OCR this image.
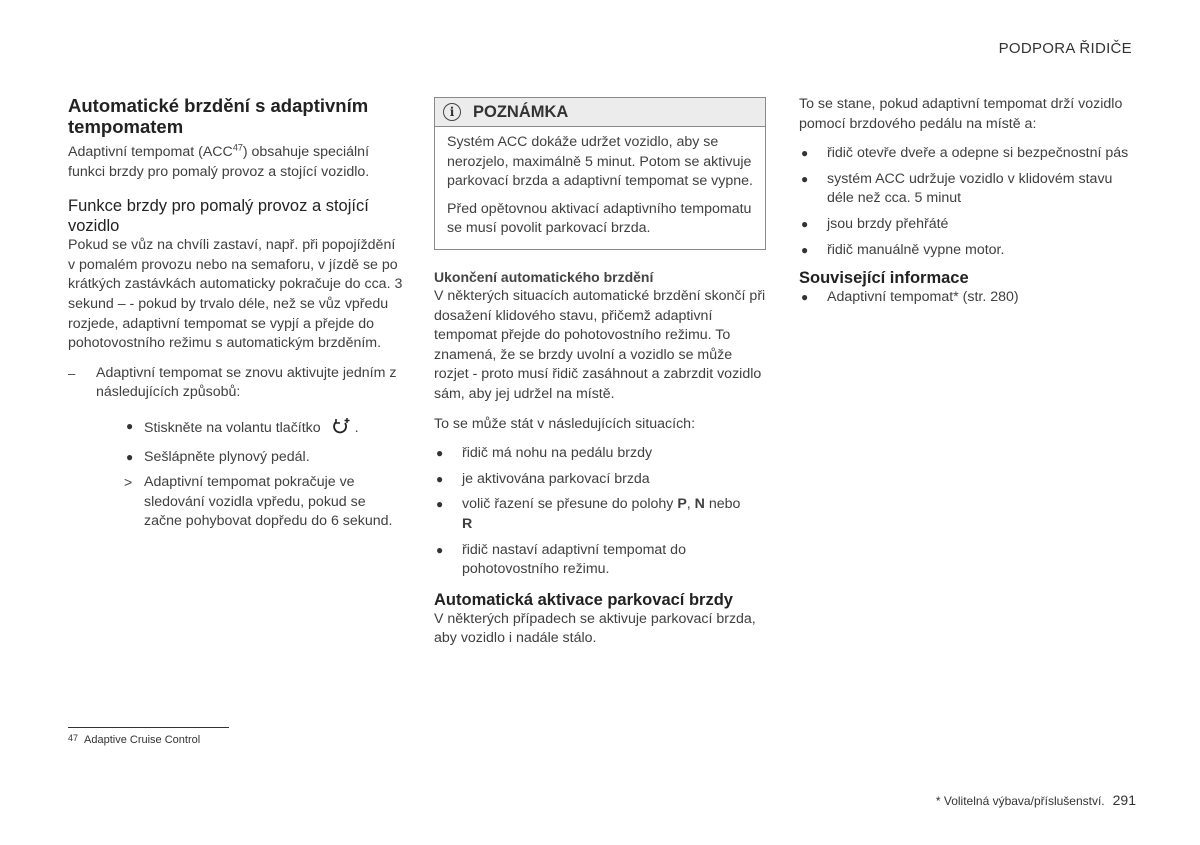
PODPORA ŘIDIČE
Automatické brzdění s adaptivním tempomatem

Adaptivní tempomat (ACC$^{47}$) obsahuje speciální funkci brzdy pro pomalý provoz a stojící vozidlo.

Funkce brzdy pro pomalý provoz a stojící vozidlo

Pokud se vůz na chvíli zastaví, např. při popojíždění v pomalém provozu nebo na semaforu, v jízdě se po krátkých zastávkách automaticky pokračuje do cca. 3 sekund – - pokud by trvalo déle, než se vůz vpředu rozjede, adaptivní tempomat se vypjí a přejde do pohotovostního režimu s automatickým brzděním.

– Adaptivní tempomat se znovu aktivujte jedním z následujících způsobů:

● Stiskněte na volantu tlačítko .
● Sešlápněte plynový pedál.
> Adaptivní tempomat pokračuje ve sledování vozidla vpředu, pokud se začne pohybovat dopředu do 6 sekund.
i	POZNÁMKA

Systém ACC dokáže udržet vozidlo, aby se nerozjelo, maximálně 5 minut. Potom se aktivuje parkovací brzda a adaptivní tempomat se vypne.

Před opětovnou aktivací adaptivního tempomatu se musí povolit parkovací brzda.

Ukončení automatického brzdění

V některých situacích automatické brzdění skončí při dosažení klidového stavu, přičemž adaptivní tempomat přejde do pohotovostního režimu. To znamená, že se brzdy uvolní a vozidlo se může rozjet - proto musí řidič zasáhnout a zabrzdit vozidlo sám, aby jej udržel na místě.

To se může stát v následujících situacích:

● řidič má nohu na pedálu brzdy
● je aktivována parkovací brzda
● volič řazení se přesune do polohy P, N nebo
R
● řidič nastaví adaptivní tempomat do pohotovostního režimu.
Automatická aktivace parkovací brzdy

V některých případech se aktivuje parkovací brzda, aby vozidlo i nadále stálo.

To se stane, pokud adaptivní tempomat drží vozidlo pomocí brzdového pedálu na místě a:

● řidič otevře dveře a odepne si bezpečnostní pás
● systém ACC udržuje vozidlo v klidovém stavu déle než cca. 5 minut
● jsou brzdy přehřáté
● řidič manuálně vypne motor.
Související informace
● Adaptivní tempomat* (str. 280)
47 Adaptive Cruise Control
* Volitelná výbava/příslušenství. 291
